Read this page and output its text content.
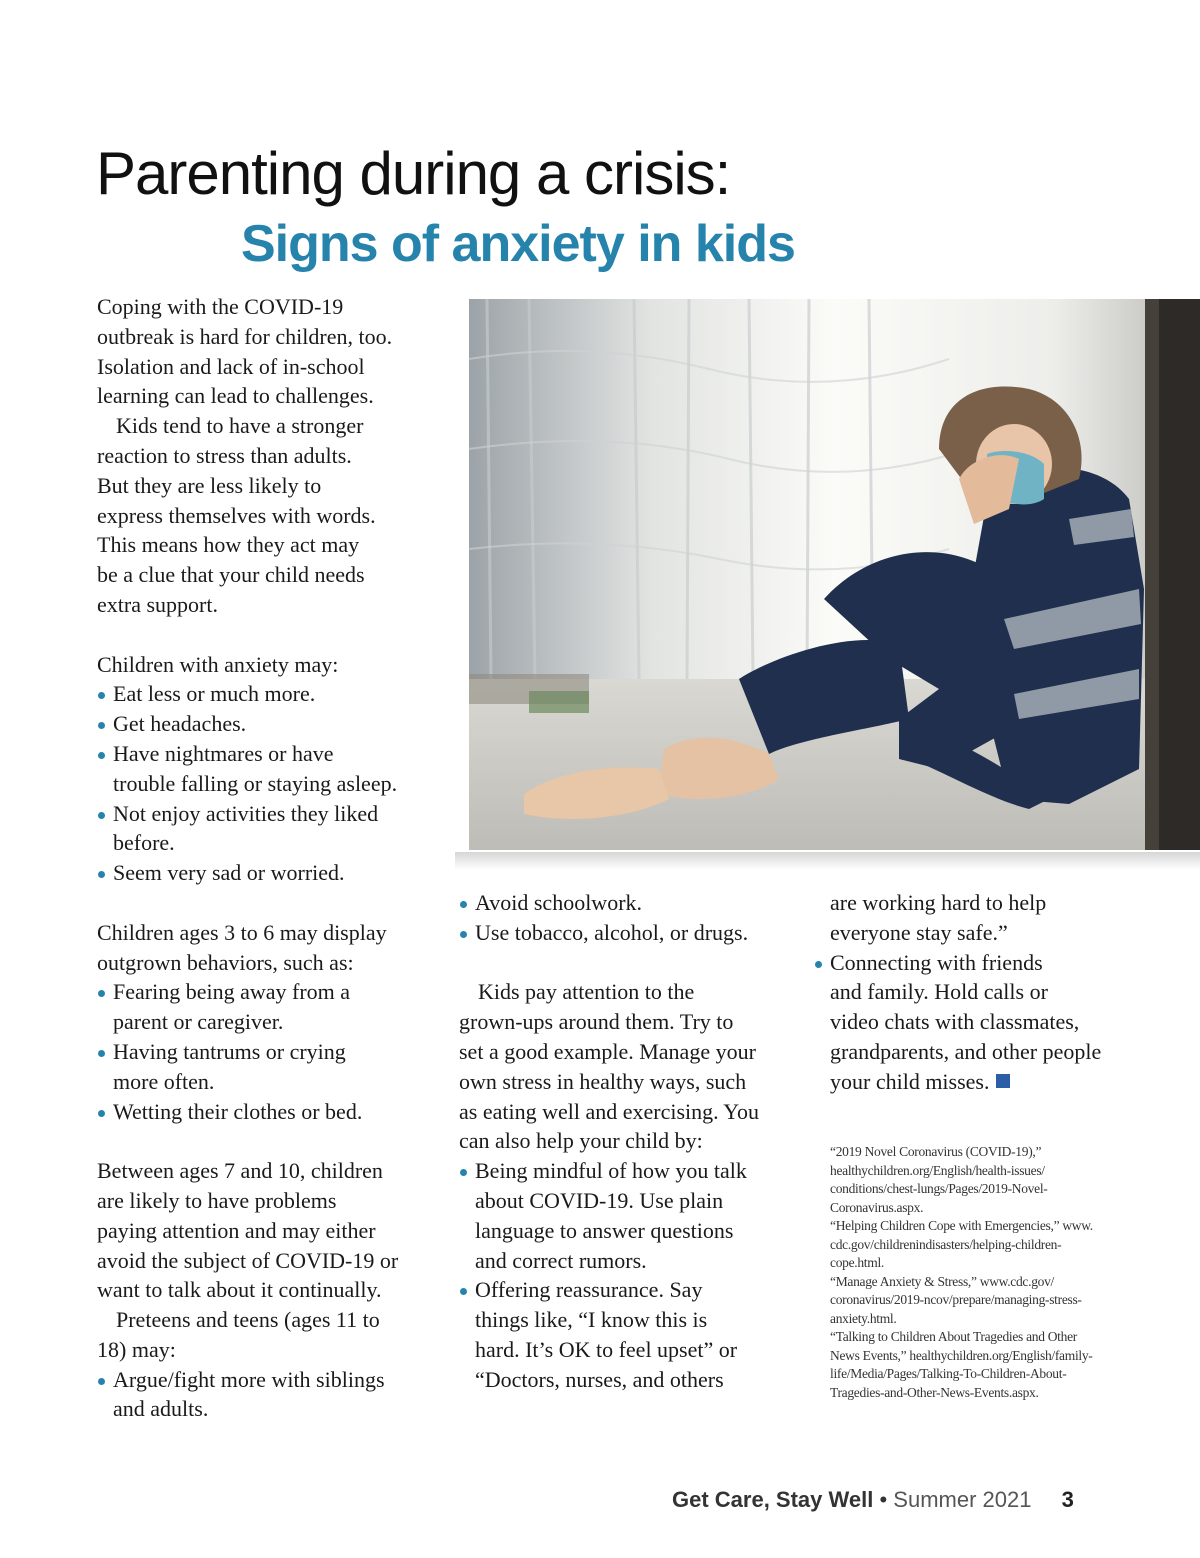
Parenting during a crisis:
Signs of anxiety in kids

Coping with the COVID-19

outbreak is hard for children, too.

Isolation and lack of in-school

learning can lead to challenges.

Kids tend to have a stronger

reaction to stress than adults.

But they are less likely to

express themselves with words.

This means how they act may

be a clue that your child needs

extra support.

Children with anxiety may:

Eat less or much more.
Get headaches.
Have nightmares or have
trouble falling or staying asleep.
Not enjoy activities they liked
before.
Seem very sad or worried.

Children ages 3 to 6 may display

outgrown behaviors, such as:

Fearing being away from a
parent or caregiver.
Having tantrums or crying
more often.
Wetting their clothes or bed.

Between ages 7 and 10, children

are likely to have problems

paying attention and may either

avoid the subject of COVID-19 or

want to talk about it continually.

Preteens and teens (ages 11 to

18) may:

Argue/fight more with siblings
and adults.
Avoid schoolwork.
Use tobacco, alcohol, or drugs.

Kids pay attention to the

grown-ups around them. Try to

set a good example. Manage your

own stress in healthy ways, such

as eating well and exercising. You

can also help your child by:

Being mindful of how you talk
about COVID-19. Use plain
language to answer questions
and correct rumors.
Offering reassurance. Say
things like, “I know this is
hard. It’s OK to feel upset” or
“Doctors, nurses, and others
are working hard to help
everyone stay safe.”
Connecting with friends
and family. Hold calls or
video chats with classmates,
grandparents, and other people
your child misses.

“2019 Novel Coronavirus (COVID-19),”

healthychildren.org/English/health-issues/

conditions/chest-lungs/Pages/2019-Novel-

Coronavirus.aspx.

“Helping Children Cope with Emergencies,” www.

cdc.gov/childrenindisasters/helping-children-

cope.html.

“Manage Anxiety & Stress,” www.cdc.gov/

coronavirus/2019-ncov/prepare/managing-stress-

anxiety.html.

“Talking to Children About Tragedies and Other

News Events,” healthychildren.org/English/family-

life/Media/Pages/Talking-To-Children-About-

Tragedies-and-Other-News-Events.aspx.

Get Care, Stay Well • Summer 2021 3
